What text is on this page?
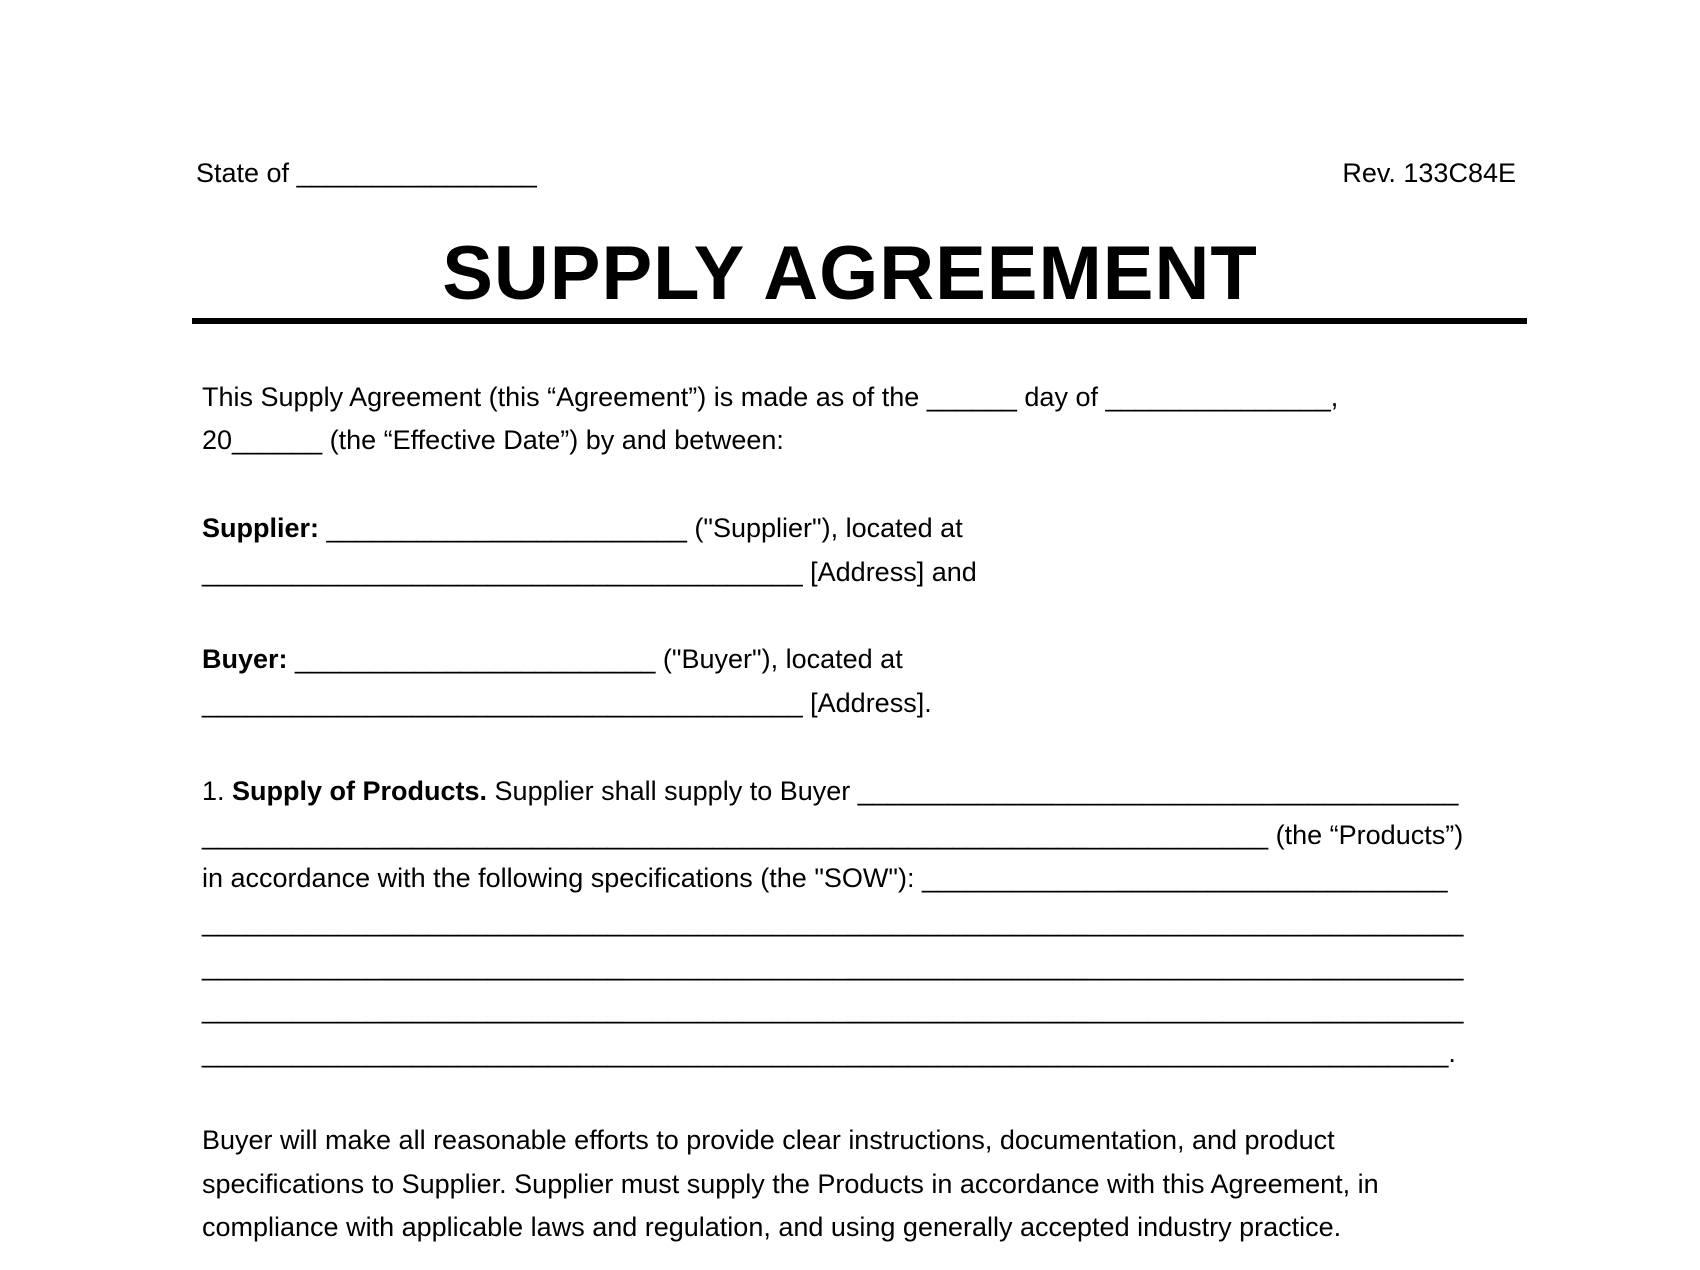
State of ________________	Rev. 133C84E
SUPPLY AGREEMENT
This Supply Agreement (this “Agreement”) is made as of the ______ day of _______________,
20______ (the “Effective Date”) by and between:
Supplier: ________________________ ("Supplier"), located at
________________________________________ [Address] and
Buyer: ________________________ ("Buyer"), located at
________________________________________ [Address].
1. Supply of Products. Supplier shall supply to Buyer ________________________________________
_______________________________________________________________________ (the “Products”)
in accordance with the following specifications (the "SOW"): ___________________________________
____________________________________________________________________________________
____________________________________________________________________________________
____________________________________________________________________________________
___________________________________________________________________________________.
Buyer will make all reasonable efforts to provide clear instructions, documentation, and product
specifications to Supplier. Supplier must supply the Products in accordance with this Agreement, in
compliance with applicable laws and regulation, and using generally accepted industry practice.
